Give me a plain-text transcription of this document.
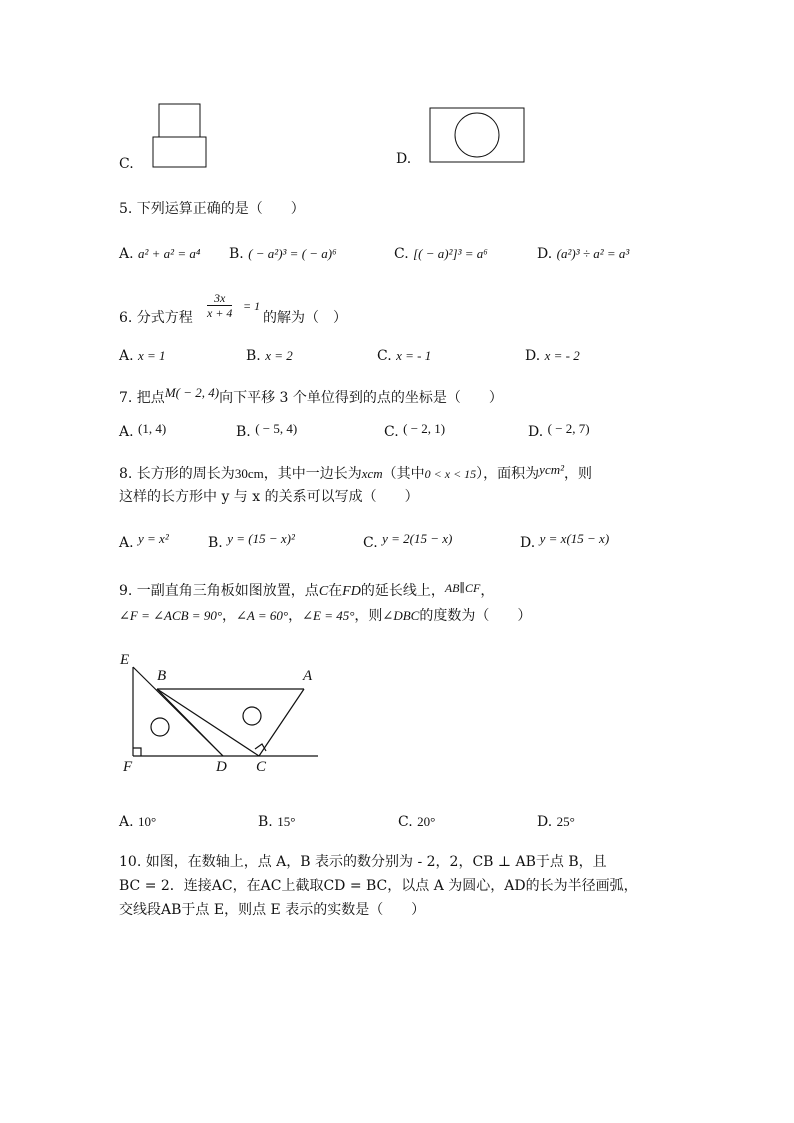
C.	D.
5. 下列运算正确的是（　　）
A. a² + a² = a⁴ B. ( − a²)³ = ( − a)⁶	C. [( − a)²]³ = a⁶	D. (a²)³ ÷ a² = a³
6. 分式方程 $\frac{3x}{x + 4} = 1$
的解为（　）
A. x = 1	B. x = 2	C. x = - 1	D. x = - 2
7. 把点M( − 2, 4)向下平移 3 个单位得到的点的坐标是（　　）
A. (1, 4)	B. ( − 5, 4)	C. ( − 2, 1)	D. ( − 2, 7)
8. 长方形的周长为30cm，其中一边长为xcm（其中0 < x < 15），面积为ycm²，则
这样的长方形中 y 与 x 的关系可以写成（　　）
A. y = x²	B. y = (15 − x)²	C. y = 2(15 − x)	D. y = x(15 − x)
9. 一副直角三角板如图放置，点C在FD的延长线上，AB∥CF，
∠F = ∠ACB = 90°，∠A = 60°，∠E = 45°，则∠DBC的度数为（　　）
E
B	A
F	D C
A. 10°	B. 15°	C. 20°	D. 25°
10. 如图，在数轴上，点 A，B 表示的数分别为 - 2，2，CB ⊥ AB于点 B，且
BC = 2．连接AC，在AC上截取CD = BC，以点 A 为圆心，AD的长为半径画弧，
交线段AB于点 E，则点 E 表示的实数是（　　）
